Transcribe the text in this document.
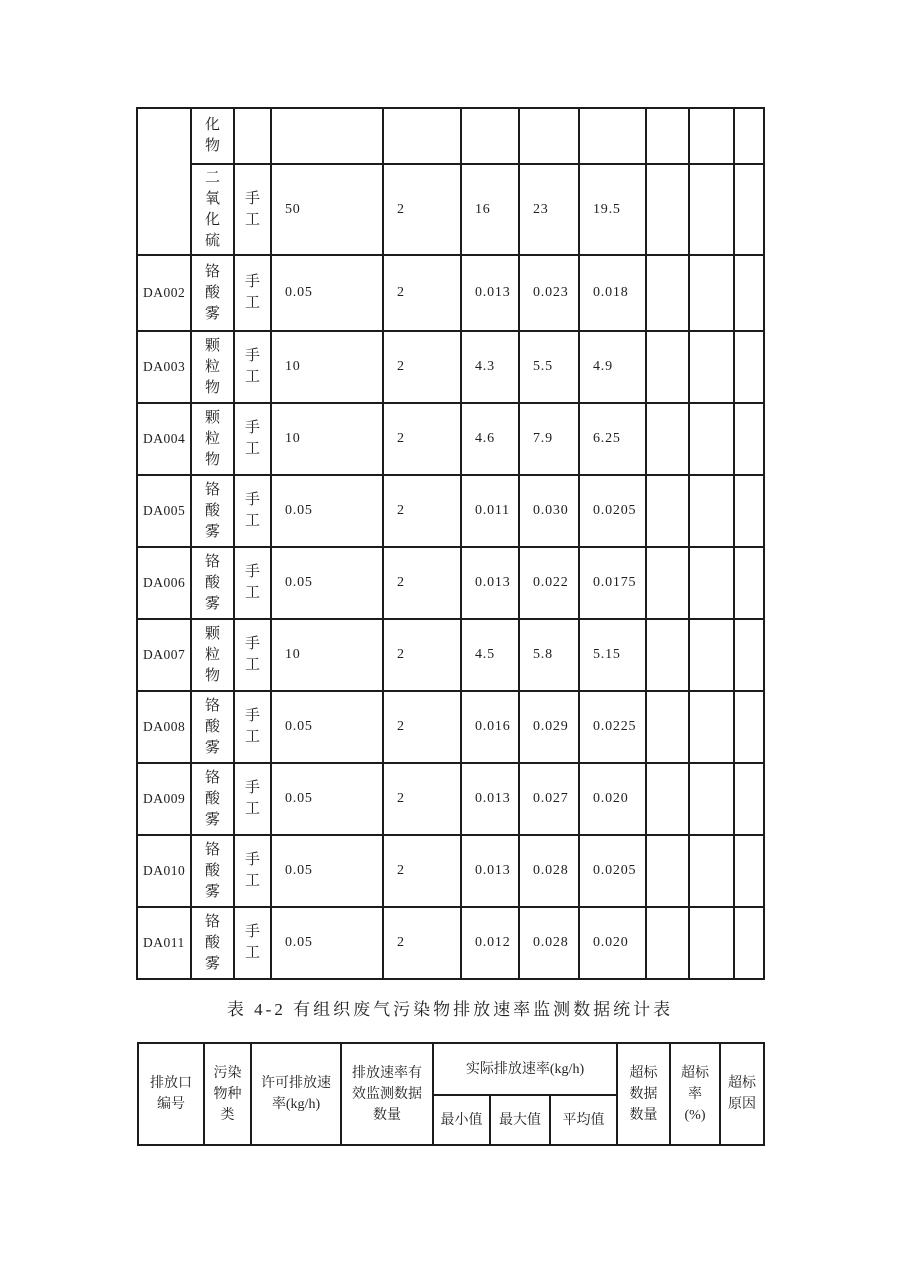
	化物									

	二氧化硫	手工	50	2	16	23	19.5			
DA002	铬酸雾	手工	0.05	2	0.013	0.023	0.018			
DA003	颗粒物	手工	10	2	4.3	5.5	4.9			
DA004	颗粒物	手工	10	2	4.6	7.9	6.25			
DA005	铬酸雾	手工	0.05	2	0.011	0.030	0.0205			
DA006	铬酸雾	手工	0.05	2	0.013	0.022	0.0175			
DA007	颗粒物	手工	10	2	4.5	5.8	5.15			
DA008	铬酸雾	手工	0.05	2	0.016	0.029	0.0225			
DA009	铬酸雾	手工	0.05	2	0.013	0.027	0.020			
DA010	铬酸雾	手工	0.05	2	0.013	0.028	0.0205			
DA011	铬酸雾	手工	0.05	2	0.012	0.028	0.020			
表 4-2 有组织废气污染物排放速率监测数据统计表
排放口编号	污染物种类	许可排放速率(kg/h)	排放速率有效监测数据数量	实际排放速率(kg/h)			超标数据数量	超标率(%)	超标原因
				最小值	最大值	平均值			
